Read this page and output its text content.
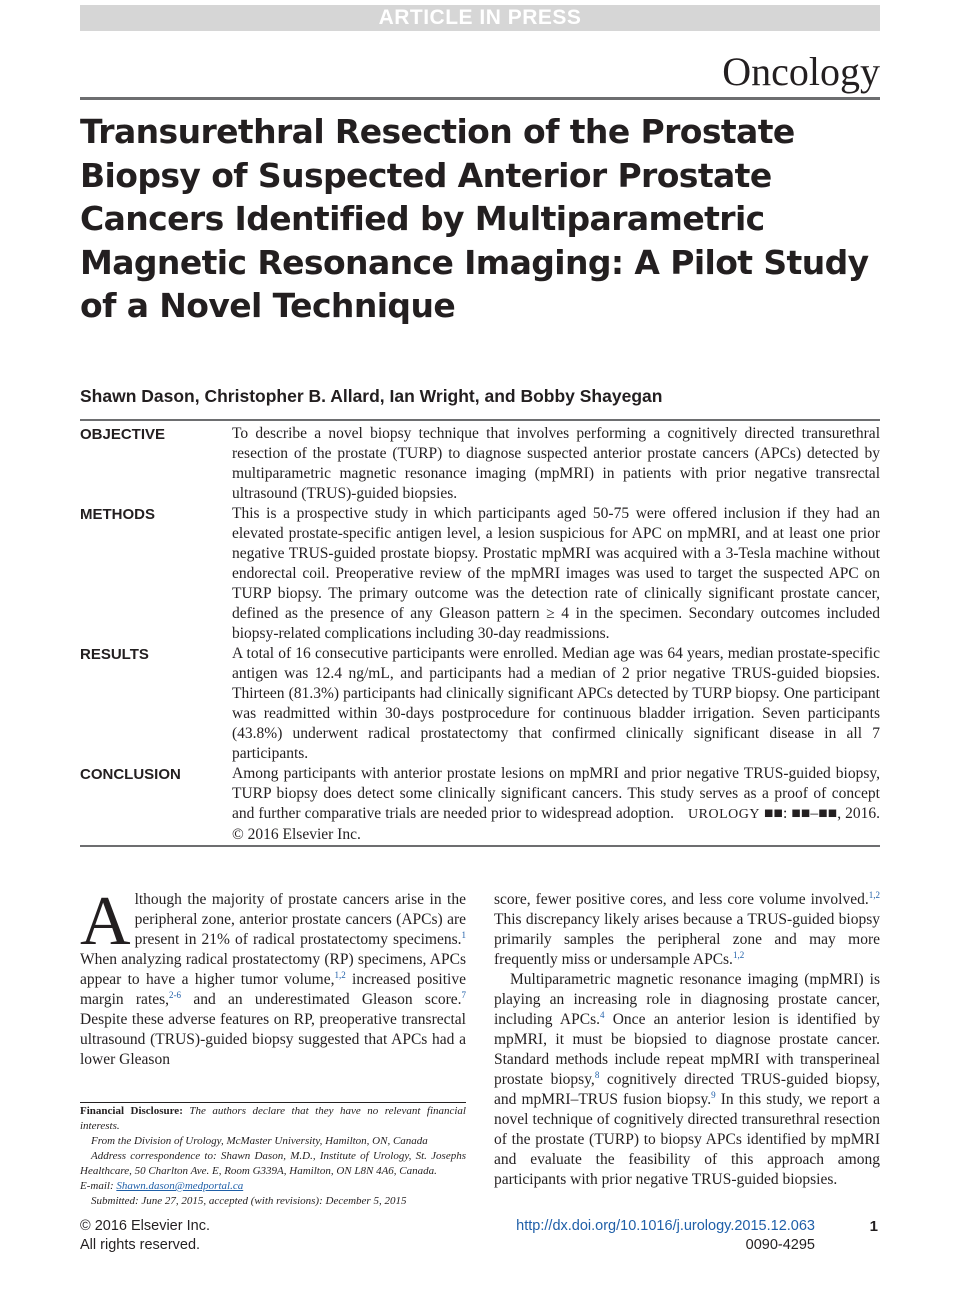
ARTICLE IN PRESS
Oncology
Transurethral Resection of the Prostate Biopsy of Suspected Anterior Prostate Cancers Identified by Multiparametric Magnetic Resonance Imaging: A Pilot Study of a Novel Technique
Shawn Dason, Christopher B. Allard, Ian Wright, and Bobby Shayegan
OBJECTIVE	To describe a novel biopsy technique that involves performing a cognitively directed transurethral resection of the prostate (TURP) to diagnose suspected anterior prostate cancers (APCs) detected by multiparametric magnetic resonance imaging (mpMRI) in patients with prior negative transrectal ultrasound (TRUS)-guided biopsies.
METHODS	This is a prospective study in which participants aged 50-75 were offered inclusion if they had an elevated prostate-specific antigen level, a lesion suspicious for APC on mpMRI, and at least one prior negative TRUS-guided prostate biopsy. Prostatic mpMRI was acquired with a 3-Tesla machine without endorectal coil. Preoperative review of the mpMRI images was used to target the suspected APC on TURP biopsy. The primary outcome was the detection rate of clinically significant prostate cancer, defined as the presence of any Gleason pattern ≥ 4 in the specimen. Secondary outcomes included biopsy-related complications including 30-day readmissions.
RESULTS	A total of 16 consecutive participants were enrolled. Median age was 64 years, median prostate-specific antigen was 12.4 ng/mL, and participants had a median of 2 prior negative TRUS-guided biopsies. Thirteen (81.3%) participants had clinically significant APCs detected by TURP biopsy. One participant was readmitted within 30-days postprocedure for continuous bladder irrigation. Seven participants (43.8%) underwent radical prostatectomy that confirmed clinically significant disease in all 7 participants.
CONCLUSION	Among participants with anterior prostate lesions on mpMRI and prior negative TRUS-guided biopsy, TURP biopsy does detect some clinically significant cancers. This study serves as a proof of concept and further comparative trials are needed prior to widespread adoption. UROLOGY ■■: ■■–■■, 2016. © 2016 Elsevier Inc.

Although the majority of prostate cancers arise in the peripheral zone, anterior prostate cancers (APCs) are present in 21% of radical prostatectomy specimens.$^1$ When analyzing radical prostatectomy (RP) specimens, APCs appear to have a higher tumor volume,$^{1,2}$ increased positive margin rates,$^{2-6}$ and an underestimated Gleason score.$^7$ Despite these adverse features on RP, preoperative transrectal ultrasound (TRUS)-guided biopsy suggested that APCs had a lower Gleason

score, fewer positive cores, and less core volume involved.$^{1,2}$ This discrepancy likely arises because a TRUS-guided biopsy primarily samples the peripheral zone and may more frequently miss or undersample APCs.$^{1,2}$

Multiparametric magnetic resonance imaging (mpMRI) is playing an increasing role in diagnosing prostate cancer, including APCs.$^4$ Once an anterior lesion is identified by mpMRI, it must be biopsied to diagnose prostate cancer. Standard methods include repeat mpMRI with transperineal prostate biopsy,$^8$ cognitively directed TRUS-guided biopsy, and mpMRI–TRUS fusion biopsy.$^9$ In this study, we report a novel technique of cognitively directed transurethral resection of the prostate (TURP) to biopsy APCs identified by mpMRI and evaluate the feasibility of this approach among participants with prior negative TRUS-guided biopsies.

Financial Disclosure: The authors declare that they have no relevant financial interests.

From the Division of Urology, McMaster University, Hamilton, ON, Canada

Address correspondence to: Shawn Dason, M.D., Institute of Urology, St. Josephs Healthcare, 50 Charlton Ave. E, Room G339A, Hamilton, ON L8N 4A6, Canada.

E-mail: Shawn.dason@medportal.ca

Submitted: June 27, 2015, accepted (with revisions): December 5, 2015

© 2016 Elsevier Inc.
All rights reserved.
http://dx.doi.org/10.1016/j.urology.2015.12.063
0090-4295
1
